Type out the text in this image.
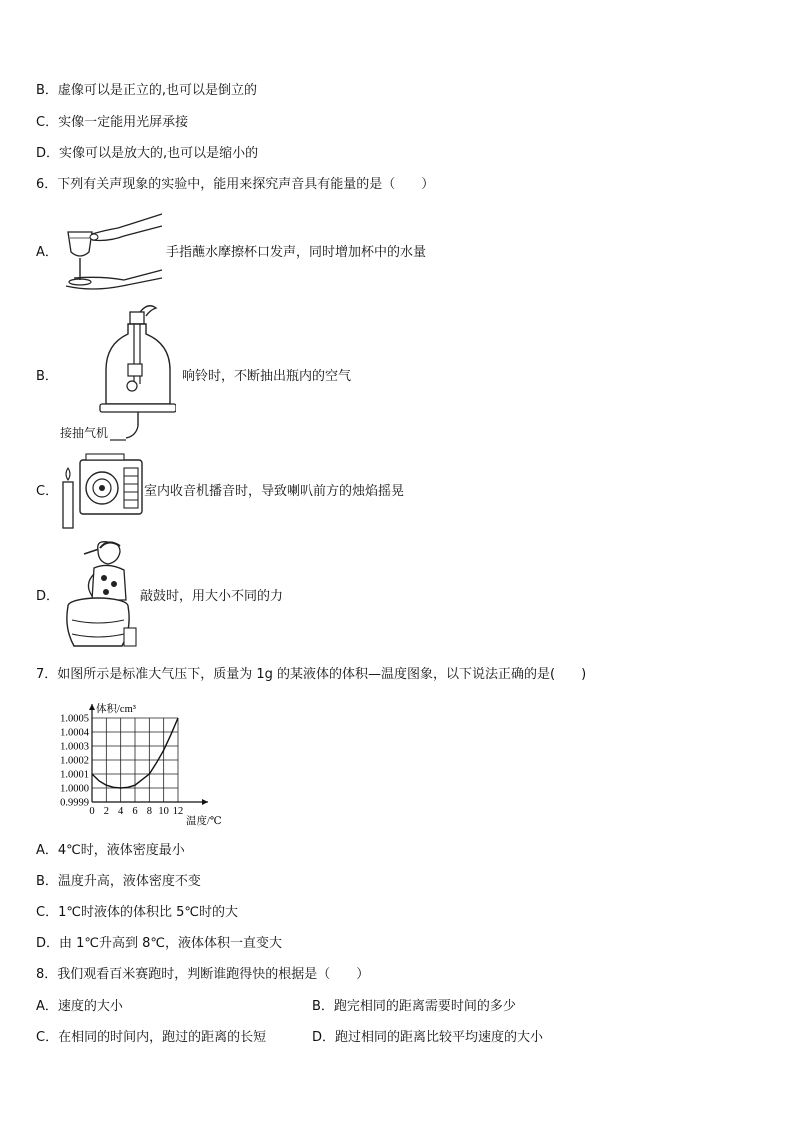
B．虚像可以是正立的,也可以是倒立的
C．实像一定能用光屏承接
D．实像可以是放大的,也可以是缩小的
6．下列有关声现象的实验中，能用来探究声音具有能量的是（　　）
A．	手指蘸水摩擦杯口发声，同时增加杯中的水量
B．	响铃时，不断抽出瓶内的空气
接抽气机
C．	室内收音机播音时，导致喇叭前方的烛焰摇晃
D．	敲鼓时，用大小不同的力
7．如图所示是标准大气压下，质量为 1g 的某液体的体积—温度图象，以下说法正确的是(　　)
0 2 4 6 8 10 12
0.9999
1.0000
1.0001
1.0002
1.0003
1.0004
1.0005
体积/cm³
温度/℃
A．4℃时，液体密度最小
B．温度升高，液体密度不变
C．1℃时液体的体积比 5℃时的大
D．由 1℃升高到 8℃，液体体积一直变大
8．我们观看百米赛跑时，判断谁跑得快的根据是（　　）
A．速度的大小	B．跑完相同的距离需要时间的多少
C．在相同的时间内，跑过的距离的长短	D．跑过相同的距离比较平均速度的大小
